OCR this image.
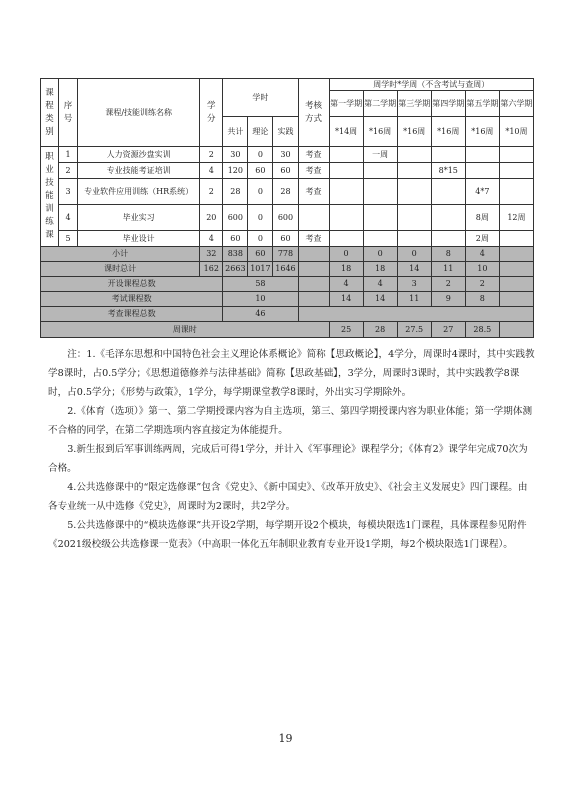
课程类别	序号	课程/技能训练名称	学分	学时			考核方式	周学时*学周（不含考试与查周）					
								第一学期	第二学期	第三学期	第四学期	第五学期	第六学期
				共计	理论	实践		*14周	*16周	*16周	*16周	*16周	*10周

职业技能训练课	1	人力资源沙盘实训	2	30	0	30	考查		一周				
	2	专业技能考证培训	4	120	60	60	考查				8*15		
	3	专业软件应用训练（HR系统）	2	28	0	28	考查					4*7	
	4	毕业实习	20	600	0	600						8周	12周
	5	毕业设计	4	60	0	60	考查					2周	
小计			32	838	60	778		0	0	0	8	4	
课时总计			162	2663	1017	1646		18	18	14	11	10	
开设课程总数				58				4	4	3	2	2	
考试课程数				10				14	14	11	9	8	
考查课程总数				46									
周课时								25	28	27.5	27	28.5	

注：1.《毛泽东思想和中国特色社会主义理论体系概论》简称【思政概论】，4学分，周课时4课时，其中实践教学8课时，占0.5学分；《思想道德修养与法律基础》简称【思政基础】，3学分，周课时3课时，其中实践教学8课时，占0.5学分；《形势与政策》，1学分，每学期课堂教学8课时，外出实习学期除外。

2.《体育（选项）》第一、第二学期授课内容为自主选项，第三、第四学期授课内容为职业体能；第一学期体测不合格的同学，在第二学期选项内容直接定为体能提升。

3.新生报到后军事训练两周，完成后可得1学分，并计入《军事理论》课程学分；《体育2》课学年完成70次为合格。

4.公共选修课中的“限定选修课”包含《党史》、《新中国史》、《改革开放史》、《社会主义发展史》四门课程。由各专业统一从中选修《党史》，周课时为2课时，共2学分。

5.公共选修课中的“模块选修课”共开设2学期，每学期开设2个模块，每模块限选1门课程，具体课程参见附件《2021级校级公共选修课一览表》（中高职一体化五年制职业教育专业开设1学期，每2个模块限选1门课程）。

19
